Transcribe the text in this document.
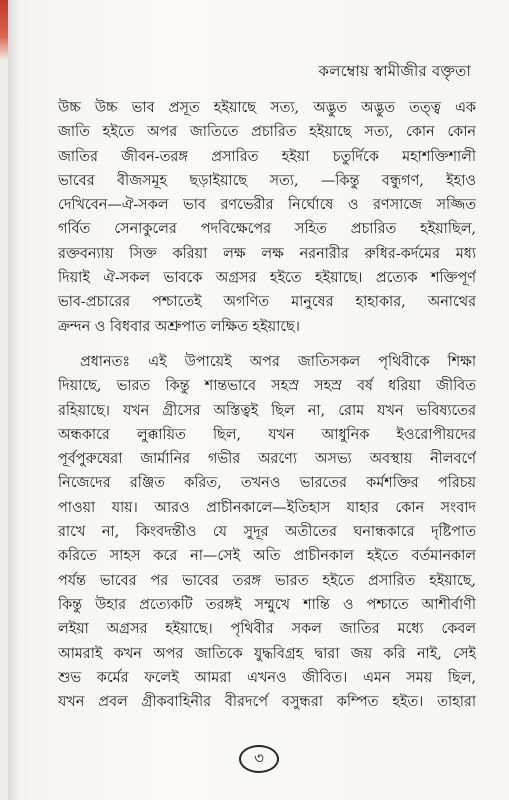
কলম্বোয় স্বামীজীর বক্তৃতা
উচ্চ উচ্চ ভাব প্রসূত হইয়াছে সত্য, অদ্ভুত অদ্ভুত তত্ত্ব এক
জাতি হইতে অপর জাতিতে প্রচারিত হইয়াছে সত্য, কোন কোন
জাতির জীবন-তরঙ্গ প্রসারিত হইয়া চতুর্দিকে মহাশক্তিশালী
ভাবের বীজসমূহ ছড়াইয়াছে সত্য, —কিন্তু বন্ধুগণ, ইহাও
দেখিবেন—ঐ-সকল ভাব রণভেরীর নির্ঘোষে ও রণসাজে সজ্জিত
গর্বিত সেনাকুলের পদবিক্ষেপের সহিত প্রচারিত হইয়াছিল,
রক্তবন্যায় সিক্ত করিয়া লক্ষ লক্ষ নরনারীর রুধির-কর্দমের মধ্য
দিয়াই ঐ-সকল ভাবকে অগ্রসর হইতে হইয়াছে। প্রত্যেক শক্তিপূর্ণ
ভাব-প্রচারের পশ্চাতেই অগণিত মানুষের হাহাকার, অনাথের
ক্রন্দন ও বিধবার অশ্রুপাত লক্ষিত হইয়াছে।
প্রধানতঃ এই উপায়েই অপর জাতিসকল পৃথিবীকে শিক্ষা
দিয়াছে, ভারত কিন্তু শান্তভাবে সহস্র সহস্র বর্ষ ধরিয়া জীবিত
রহিয়াছে। যখন গ্রীসের অস্তিত্বই ছিল না, রোম যখন ভবিষ্যতের
অন্ধকারে লুক্কায়িত ছিল, যখন আধুনিক ইওরোপীয়দের
পূর্বপুরুষেরা জার্মানির গভীর অরণ্যে অসভ্য অবস্থায় নীলবর্ণে
নিজেদের রঞ্জিত করিত, তখনও ভারতের কর্মশক্তির পরিচয়
পাওয়া যায়। আরও প্রাচীনকালে—ইতিহাস যাহার কোন সংবাদ
রাখে না, কিংবদন্তীও যে সুদূর অতীতের ঘনান্ধকারে দৃষ্টিপাত
করিতে সাহস করে না—সেই অতি প্রাচীনকাল হইতে বর্তমানকাল
পর্যন্ত ভাবের পর ভাবের তরঙ্গ ভারত হইতে প্রসারিত হইয়াছে,
কিন্তু উহার প্রত্যেকটি তরঙ্গই সম্মুখে শান্তি ও পশ্চাতে আশীর্বাণী
লইয়া অগ্রসর হইয়াছে। পৃথিবীর সকল জাতির মধ্যে কেবল
আমরাই কখন অপর জাতিকে যুদ্ধবিগ্রহ দ্বারা জয় করি নাই, সেই
শুভ কর্মের ফলেই আমরা এখনও জীবিত। এমন সময় ছিল,
যখন প্রবল গ্রীকবাহিনীর বীরদর্পে বসুন্ধরা কম্পিত হইত। তাহারা
৩
